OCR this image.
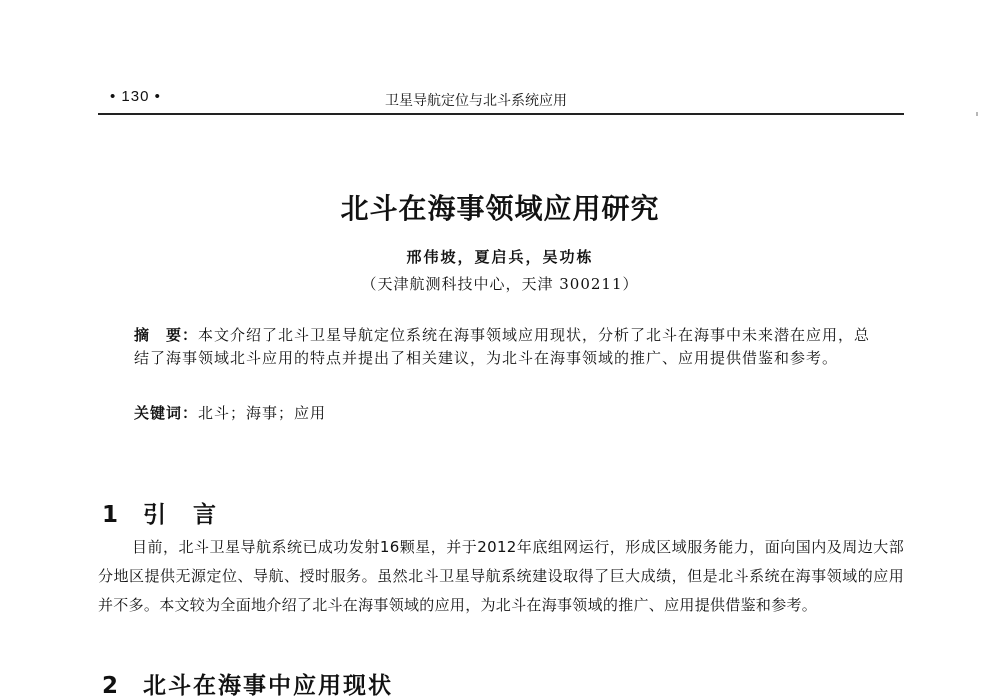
• 130 •	卫星导航定位与北斗系统应用
北斗在海事领域应用研究
邢伟坡，夏启兵，吴功栋
（天津航测科技中心，天津 300211）
摘　要：本文介绍了北斗卫星导航定位系统在海事领域应用现状，分析了北斗在海事中未来潜在应用，总结了海事领域北斗应用的特点并提出了相关建议，为北斗在海事领域的推广、应用提供借鉴和参考。
关键词：北斗；海事；应用
1 引　言

目前，北斗卫星导航系统已成功发射16颗星，并于2012年底组网运行，形成区域服务能力，面向国内及周边大部分地区提供无源定位、导航、授时服务。虽然北斗卫星导航系统建设取得了巨大成绩，但是北斗系统在海事领域的应用并不多。本文较为全面地介绍了北斗在海事领域的应用，为北斗在海事领域的推广、应用提供借鉴和参考。

2 北斗在海事中应用现状
